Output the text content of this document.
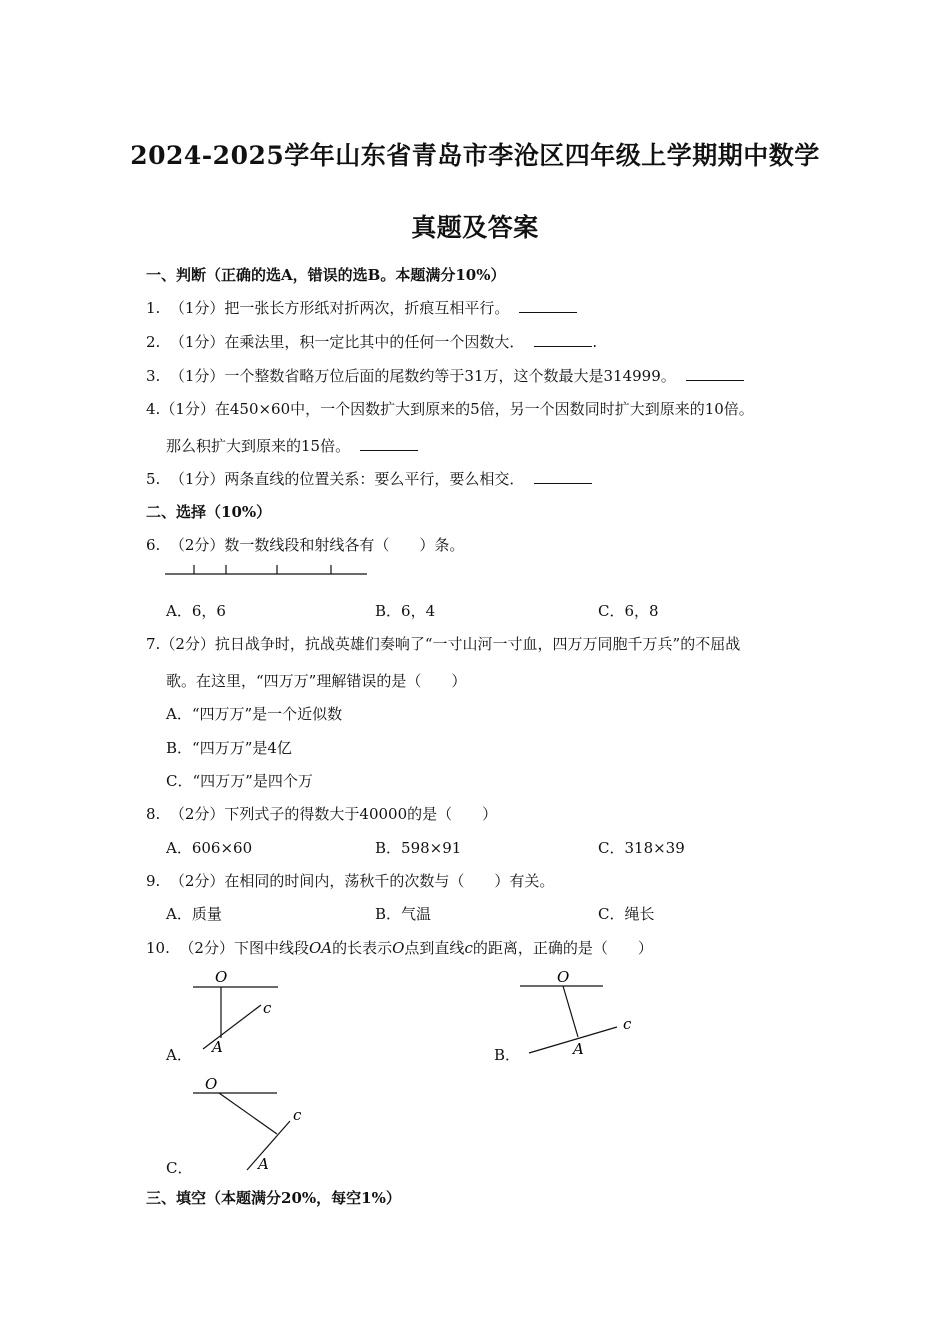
2024-2025学年山东省青岛市李沧区四年级上学期期中数学
真题及答案
一、判断（正确的选A，错误的选B。本题满分10%）
1. （1分）把一张长方形纸对折两次，折痕互相平行。
2. （1分）在乘法里，积一定比其中的任何一个因数大．	.
3. （1分）一个整数省略万位后面的尾数约等于31万，这个数最大是314999。
4.（1分）在450×60中，一个因数扩大到原来的5倍，另一个因数同时扩大到原来的10倍。
那么积扩大到原来的15倍。
5. （1分）两条直线的位置关系：要么平行，要么相交．
二、选择（10%）
6. （2分）数一数线段和射线各有（　　）条。
A．6，6	B．6，4	C．6，8
7.（2分）抗日战争时，抗战英雄们奏响了“一寸山河一寸血，四万万同胞千万兵”的不屈战
歌。在这里，“四万万”理解错误的是（　　）
A．“四万万”是一个近似数
B．“四万万”是4亿
C．“四万万”是四个万
8. （2分）下列式子的得数大于40000的是（　　）
A．606×60	B．598×91	C．318×39
9. （2分）在相同的时间内，荡秋千的次数与（　　）有关。
A．质量	B．气温	C．绳长
10. （2分）下图中线段OA的长表示O点到直线c的距离，正确的是（　　）
A．
O
c
A	B．
O
c
A
C．
O
c
A
三、填空（本题满分20%，每空1%）
